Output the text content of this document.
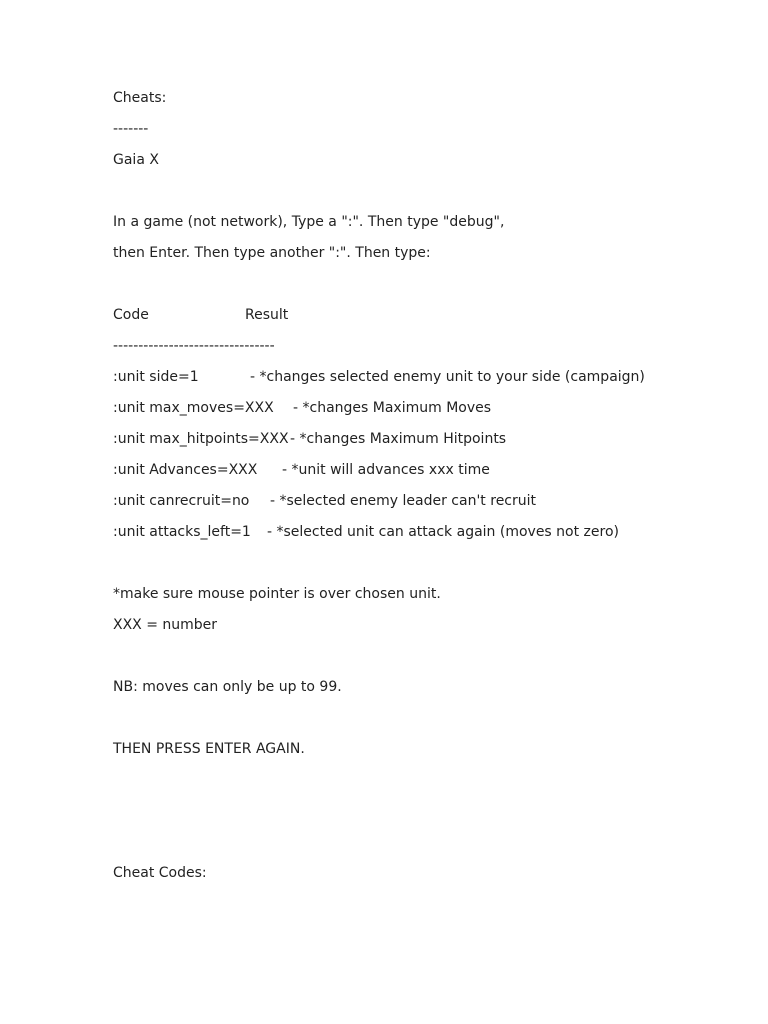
Cheats:
-------
Gaia X
In a game (not network), Type a ":". Then type "debug",
then Enter. Then type another ":". Then type:
Code	Result
--------------------------------
:unit side=1	- *changes selected enemy unit to your side (campaign)
:unit max_moves=XXX - *changes Maximum Moves
:unit max_hitpoints=XXX - *changes Maximum Hitpoints
:unit Advances=XXX - *unit will advances xxx time
:unit canrecruit=no - *selected enemy leader can't recruit
:unit attacks_left=1 - *selected unit can attack again (moves not zero)
*make sure mouse pointer is over chosen unit.
XXX = number
NB: moves can only be up to 99.
THEN PRESS ENTER AGAIN.
Cheat Codes:
